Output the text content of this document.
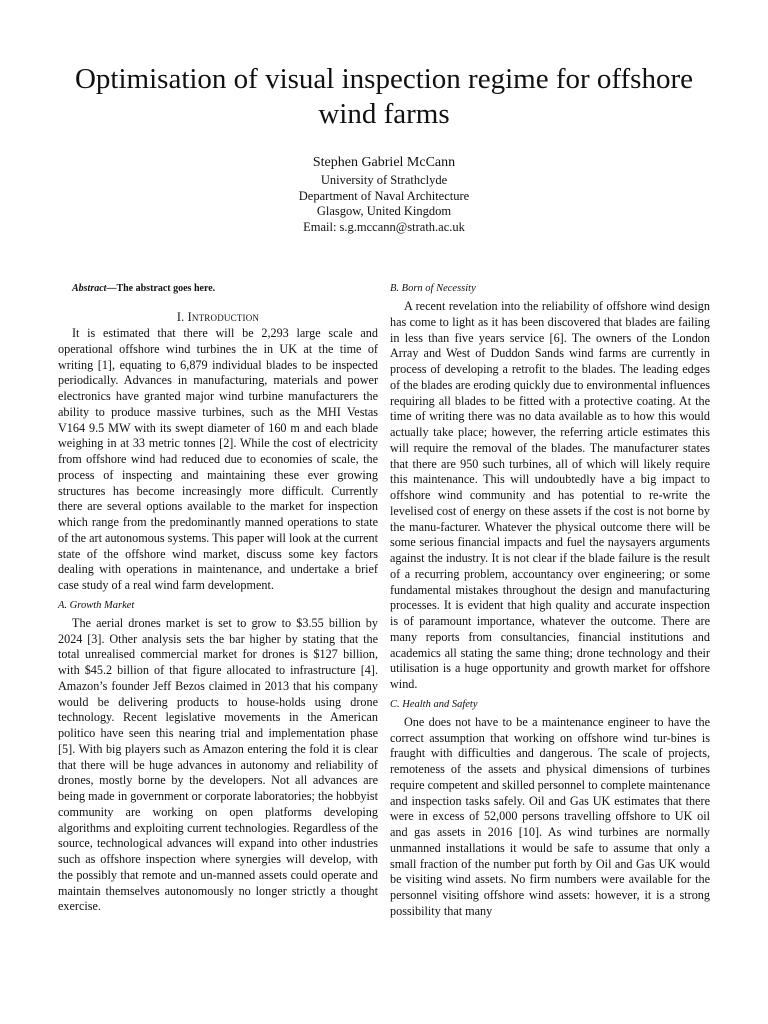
Optimisation of visual inspection regime for offshore wind farms
Stephen Gabriel McCann
University of Strathclyde
Department of Naval Architecture
Glasgow, United Kingdom
Email: s.g.mccann@strath.ac.uk

Abstract—The abstract goes here.

I. Introduction

It is estimated that there will be 2,293 large scale and operational offshore wind turbines the in UK at the time of writing [1], equating to 6,879 individual blades to be inspected periodically. Advances in manufacturing, materials and power electronics have granted major wind turbine manufacturers the ability to produce massive turbines, such as the MHI Vestas V164 9.5 MW with its swept diameter of 160 m and each blade weighing in at 33 metric tonnes [2]. While the cost of electricity from offshore wind had reduced due to economies of scale, the process of inspecting and maintaining these ever growing structures has become increasingly more difficult. Currently there are several options available to the market for inspection which range from the predominantly manned operations to state of the art autonomous systems. This paper will look at the current state of the offshore wind market, discuss some key factors dealing with operations in maintenance, and undertake a brief case study of a real wind farm development.

A. Growth Market

The aerial drones market is set to grow to $3.55 billion by 2024 [3]. Other analysis sets the bar higher by stating that the total unrealised commercial market for drones is $127 billion, with $45.2 billion of that figure allocated to infrastructure [4]. Amazon’s founder Jeff Bezos claimed in 2013 that his company would be delivering products to house-holds using drone technology. Recent legislative movements in the American politico have seen this nearing trial and implementation phase [5]. With big players such as Amazon entering the fold it is clear that there will be huge advances in autonomy and reliability of drones, mostly borne by the developers. Not all advances are being made in government or corporate laboratories; the hobbyist community are working on open platforms developing algorithms and exploiting current technologies. Regardless of the source, technological advances will expand into other industries such as offshore inspection where synergies will develop, with the possibly that remote and un-manned assets could operate and maintain themselves autonomously no longer strictly a thought exercise.

B. Born of Necessity

A recent revelation into the reliability of offshore wind design has come to light as it has been discovered that blades are failing in less than five years service [6]. The owners of the London Array and West of Duddon Sands wind farms are currently in process of developing a retrofit to the blades. The leading edges of the blades are eroding quickly due to environmental influences requiring all blades to be fitted with a protective coating. At the time of writing there was no data available as to how this would actually take place; however, the referring article estimates this will require the removal of the blades. The manufacturer states that there are 950 such turbines, all of which will likely require this maintenance. This will undoubtedly have a big impact to offshore wind community and has potential to re-write the levelised cost of energy on these assets if the cost is not borne by the manu-facturer. Whatever the physical outcome there will be some serious financial impacts and fuel the naysayers arguments against the industry. It is not clear if the blade failure is the result of a recurring problem, accountancy over engineering; or some fundamental mistakes throughout the design and manufacturing processes. It is evident that high quality and accurate inspection is of paramount importance, whatever the outcome. There are many reports from consultancies, financial institutions and academics all stating the same thing; drone technology and their utilisation is a huge opportunity and growth market for offshore wind.

C. Health and Safety

One does not have to be a maintenance engineer to have the correct assumption that working on offshore wind tur-bines is fraught with difficulties and dangerous. The scale of projects, remoteness of the assets and physical dimensions of turbines require competent and skilled personnel to complete maintenance and inspection tasks safely. Oil and Gas UK estimates that there were in excess of 52,000 persons travelling offshore to UK oil and gas assets in 2016 [10]. As wind turbines are normally unmanned installations it would be safe to assume that only a small fraction of the number put forth by Oil and Gas UK would be visiting wind assets. No firm numbers were available for the personnel visiting offshore wind assets: however, it is a strong possibility that many
